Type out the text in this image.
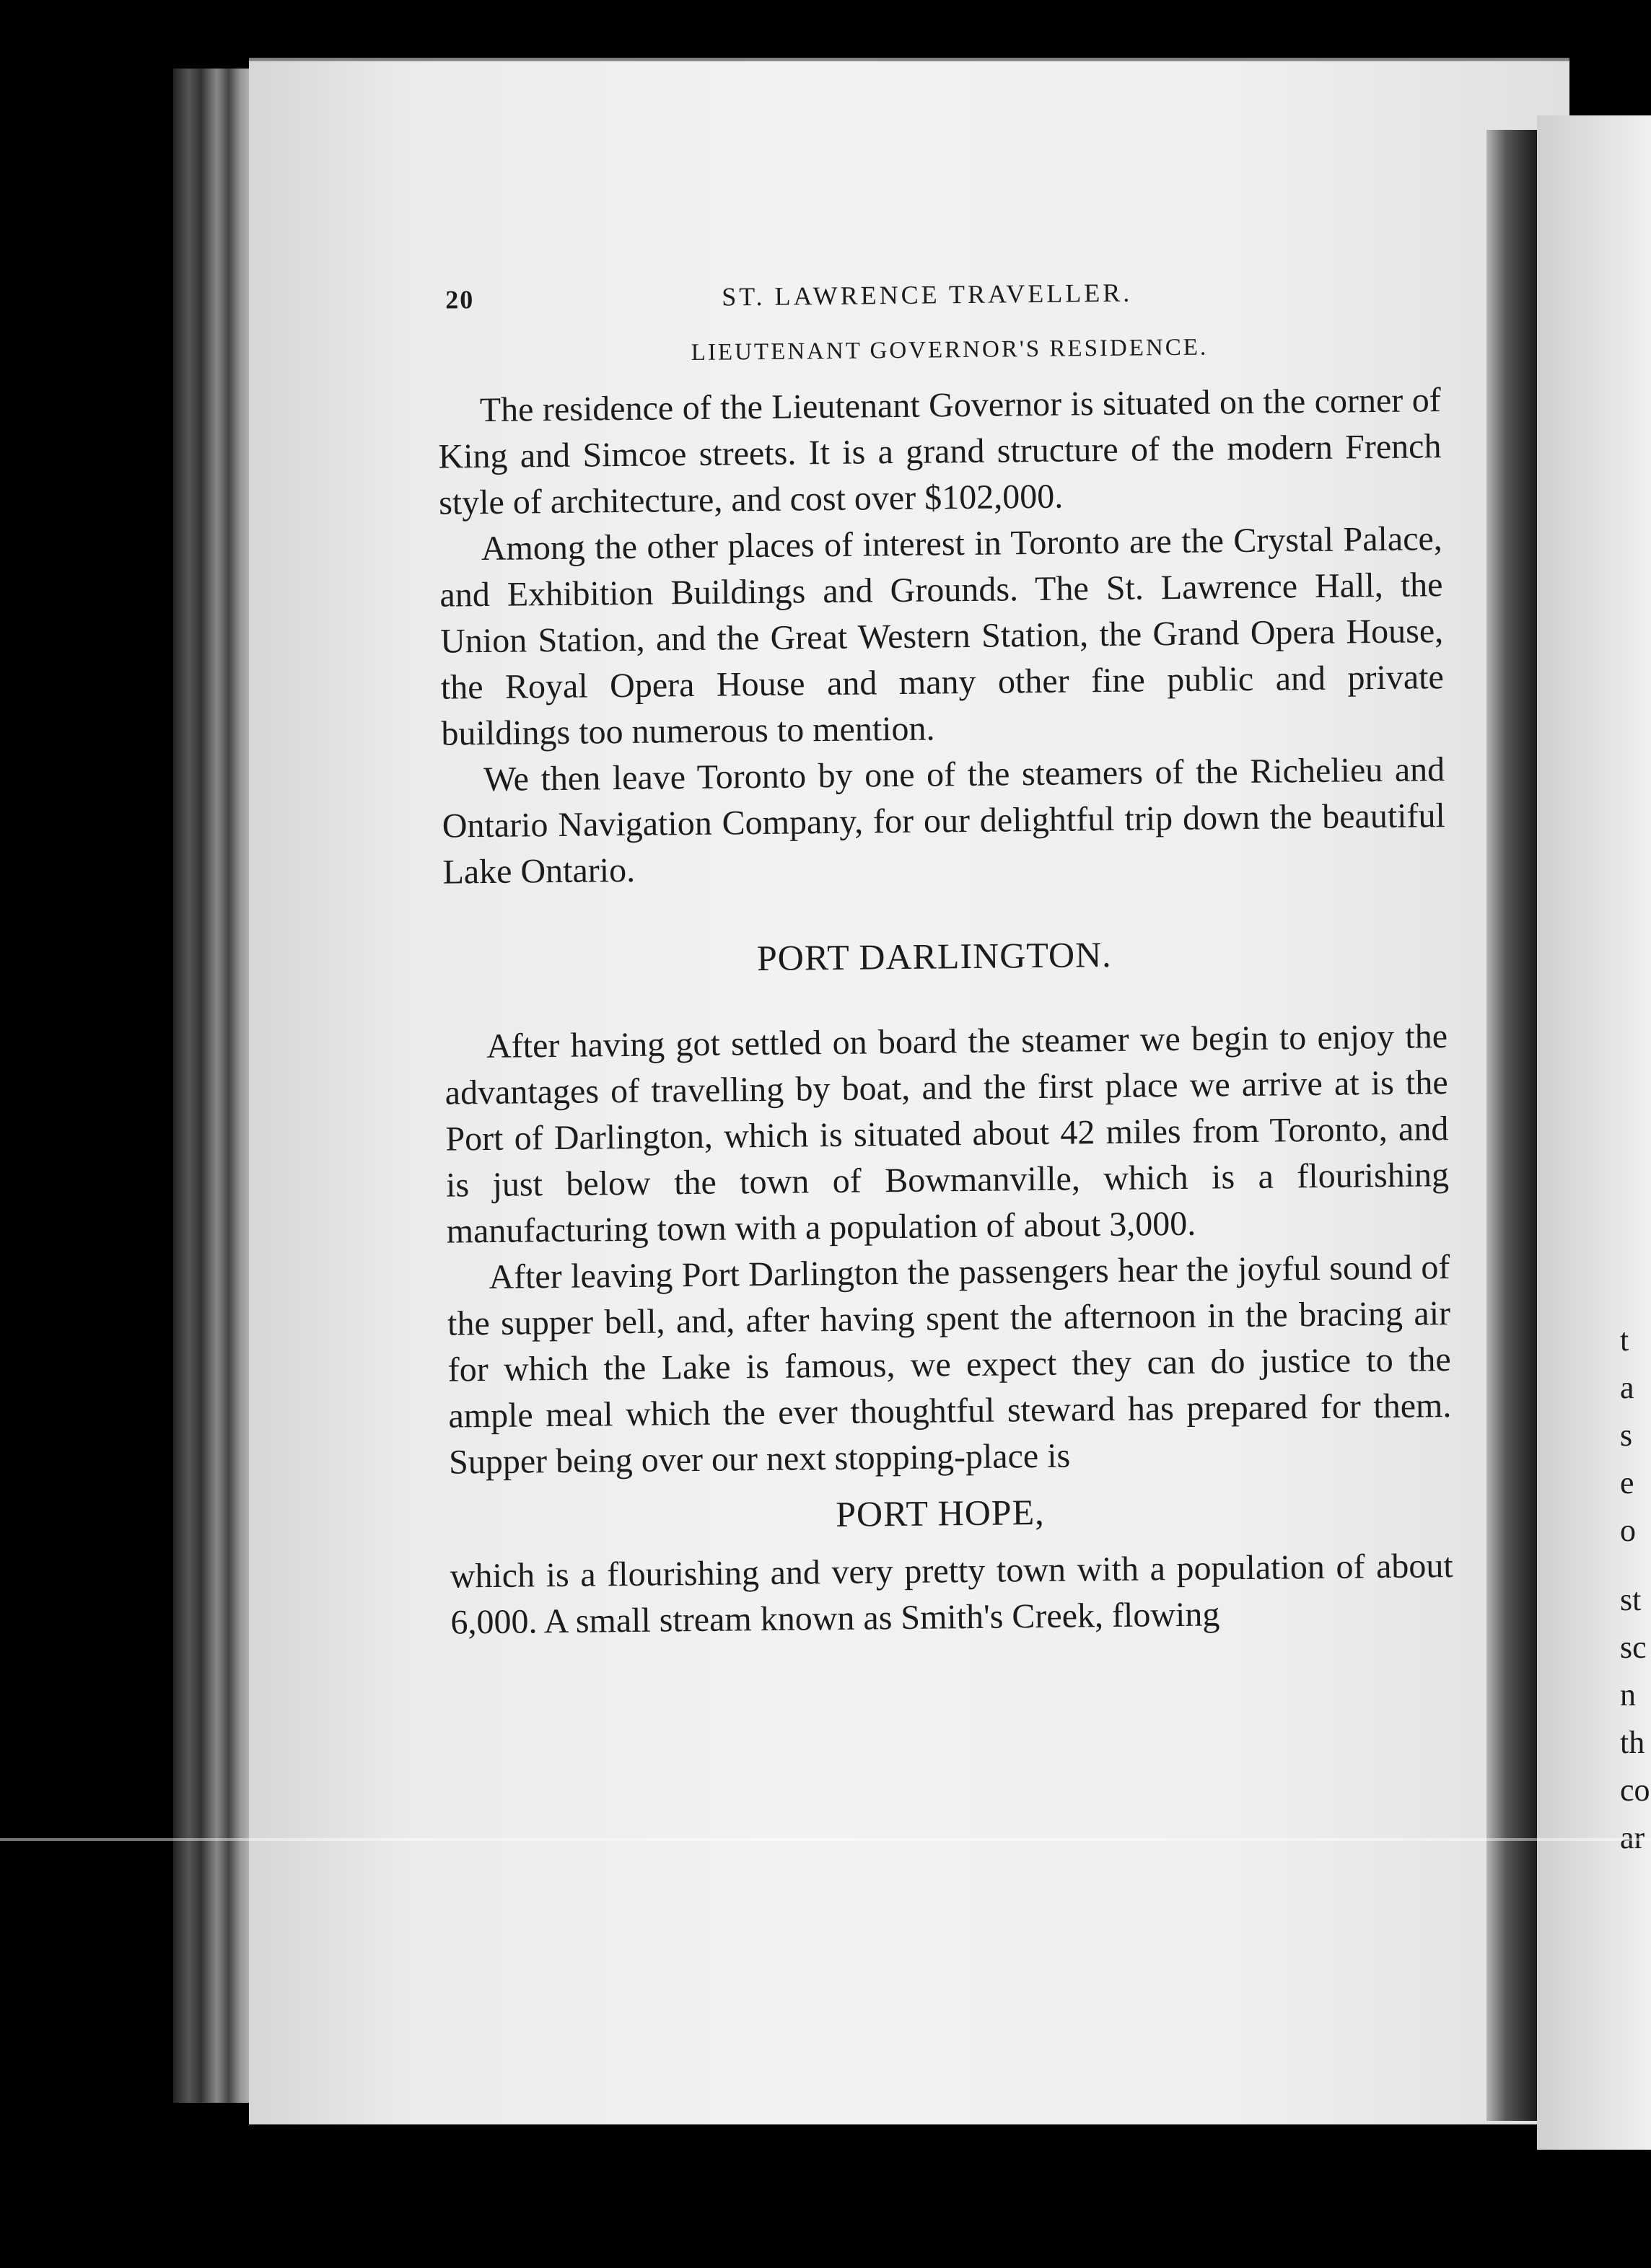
t
a
s
e
o
st
sc
n
th
co
ar
20	ST. LAWRENCE TRAVELLER.
LIEUTENANT GOVERNOR'S RESIDENCE.

The residence of the Lieutenant Governor is situated on the corner of King and Simcoe streets. It is a grand structure of the modern French style of architecture, and cost over $102,000.

Among the other places of interest in Toronto are the Crystal Palace, and Exhibition Buildings and Grounds. The St. Lawrence Hall, the Union Station, and the Great Western Station, the Grand Opera House, the Royal Opera House and many other fine public and private buildings too numerous to mention.

We then leave Toronto by one of the steamers of the Richelieu and Ontario Navigation Company, for our delightful trip down the beautiful Lake Ontario.

PORT DARLINGTON.

After having got settled on board the steamer we begin to enjoy the advantages of travelling by boat, and the first place we arrive at is the Port of Darlington, which is situated about 42 miles from Toronto, and is just below the town of Bowmanville, which is a flourishing manufacturing town with a population of about 3,000.

After leaving Port Darlington the passengers hear the joyful sound of the supper bell, and, after having spent the afternoon in the bracing air for which the Lake is famous, we expect they can do justice to the ample meal which the ever thoughtful steward has prepared for them. Supper being over our next stopping-place is

PORT HOPE,

which is a flourishing and very pretty town with a population of about 6,000. A small stream known as Smith's Creek, flowing
